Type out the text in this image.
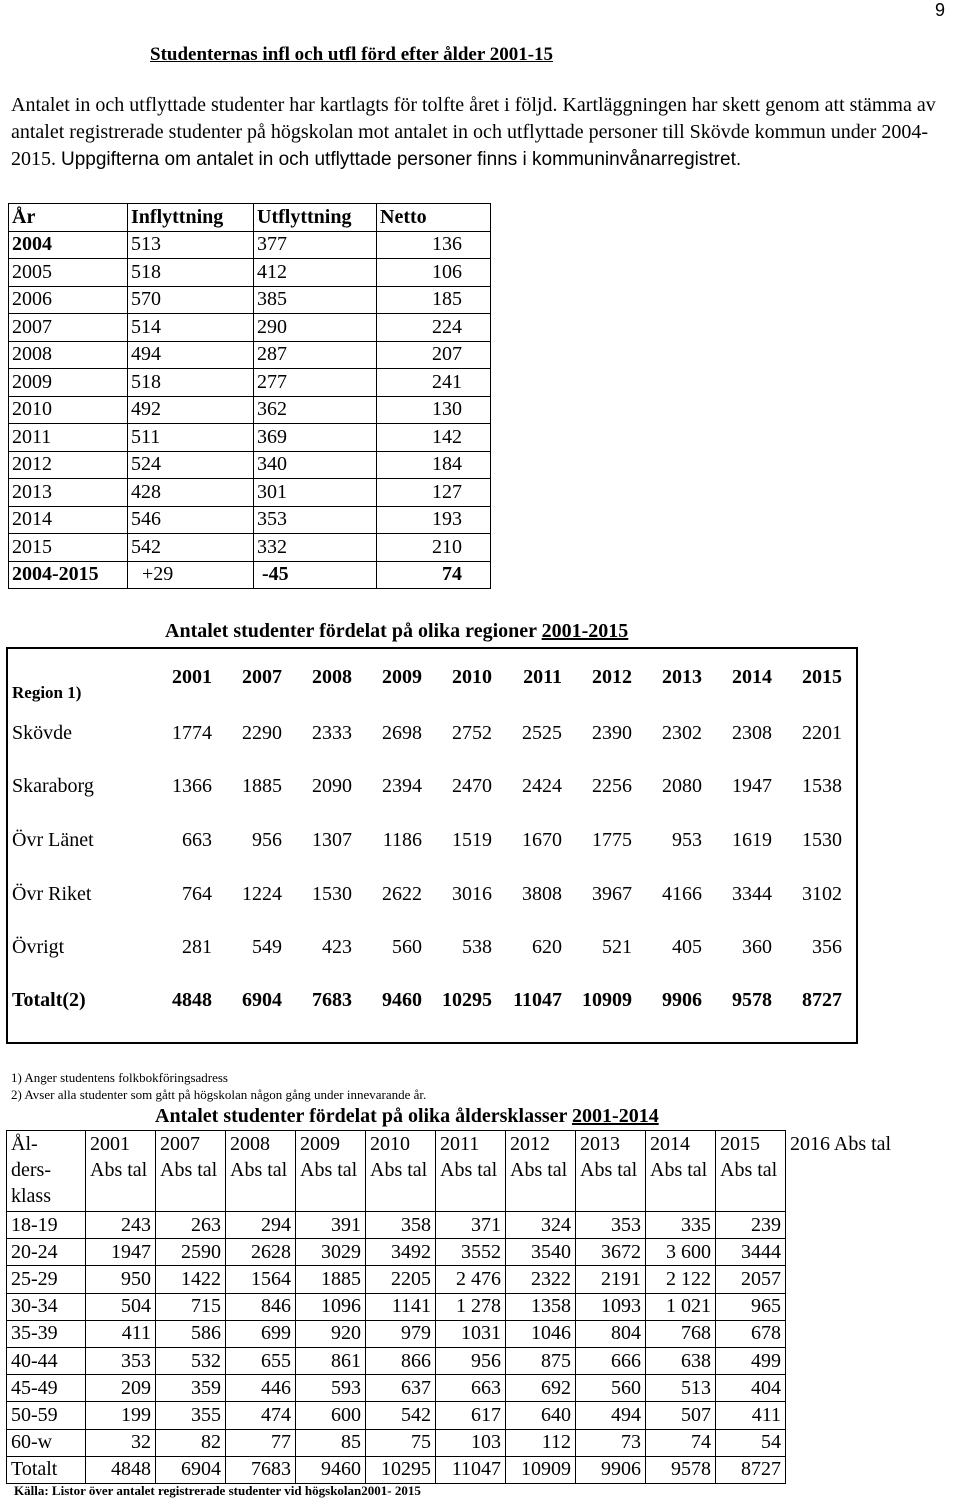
9
Studenternas infl och utfl förd efter ålder 2001-15
Antalet in och utflyttade studenter har kartlagts för tolfte året i följd. Kartläggningen har skett genom att stämma av antalet registrerade studenter på högskolan mot antalet in och utflyttade personer till Skövde kommun under 2004-2015. Uppgifterna om antalet in och utflyttade personer finns i kommuninvånarregistret.
År	Inflyttning	Utflyttning	Netto
2004	513	377	136
2005	518	412	106
2006	570	385	185
2007	514	290	224
2008	494	287	207
2009	518	277	241
2010	492	362	130
2011	511	369	142
2012	524	340	184
2013	428	301	127
2014	546	353	193
2015	542	332	210
2004-2015	+29	-45	74
Antalet studenter fördelat på olika regioner 2001-2015
Region 1)	2001	2007	2008	2009	2010	2011	2012	2013	2014	2015
Skövde	1774	2290	2333	2698	2752	2525	2390	2302	2308	2201
Skaraborg	1366	1885	2090	2394	2470	2424	2256	2080	1947	1538
Övr Länet	663	956	1307	1186	1519	1670	1775	953	1619	1530
Övr Riket	764	1224	1530	2622	3016	3808	3967	4166	3344	3102
Övrigt	281	549	423	560	538	620	521	405	360	356
Totalt(2)	4848	6904	7683	9460	10295	11047	10909	9906	9578	8727
1) Anger studentens folkbokföringsadress
2) Avser alla studenter som gått på högskolan någon gång under innevarande år.
Antalet studenter fördelat på olika åldersklasser 2001-2014
Ål- ders- klass	2001 Abs tal	2007 Abs tal	2008 Abs tal	2009 Abs tal	2010 Abs tal	2011 Abs tal	2012 Abs tal	2013 Abs tal	2014 Abs tal	2015 Abs tal	2016 Abs tal
18-19	243	263	294	391	358	371	324	353	335	239	
20-24	1947	2590	2628	3029	3492	3552	3540	3672	3 600	3444	
25-29	950	1422	1564	1885	2205	2 476	2322	2191	2 122	2057	
30-34	504	715	846	1096	1141	1 278	1358	1093	1 021	965	
35-39	411	586	699	920	979	1031	1046	804	768	678	
40-44	353	532	655	861	866	956	875	666	638	499	
45-49	209	359	446	593	637	663	692	560	513	404	
50-59	199	355	474	600	542	617	640	494	507	411	
60-w	32	82	77	85	75	103	112	73	74	54	
Totalt	4848	6904	7683	9460	10295	11047	10909	9906	9578	8727	
Källa: Listor över antalet registrerade studenter vid högskolan2001- 2015
